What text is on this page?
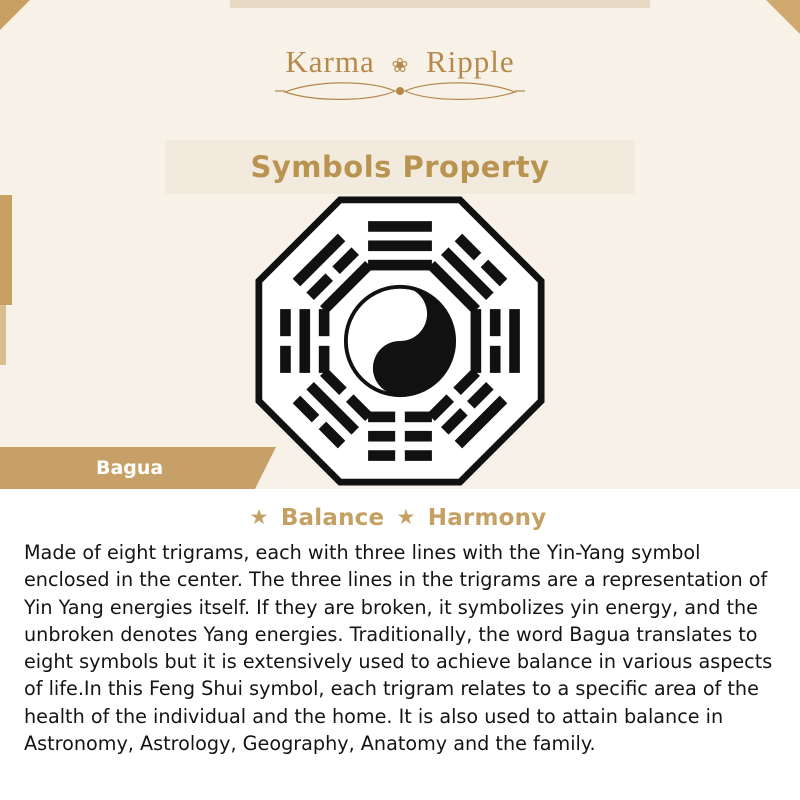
Karma ❀ Ripple
Symbols Property
Bagua
★ Balance ★ Harmony

Made of eight trigrams, each with three lines with the Yin-Yang symbol enclosed in the center. The three lines in the trigrams are a representation of Yin Yang energies itself. If they are broken, it symbolizes yin energy, and the unbroken denotes Yang energies. Traditionally, the word Bagua translates to eight symbols but it is extensively used to achieve balance in various aspects of life.In this Feng Shui symbol, each trigram relates to a specific area of the health of the individual and the home. It is also used to attain balance in Astronomy, Astrology, Geography, Anatomy and the family.
